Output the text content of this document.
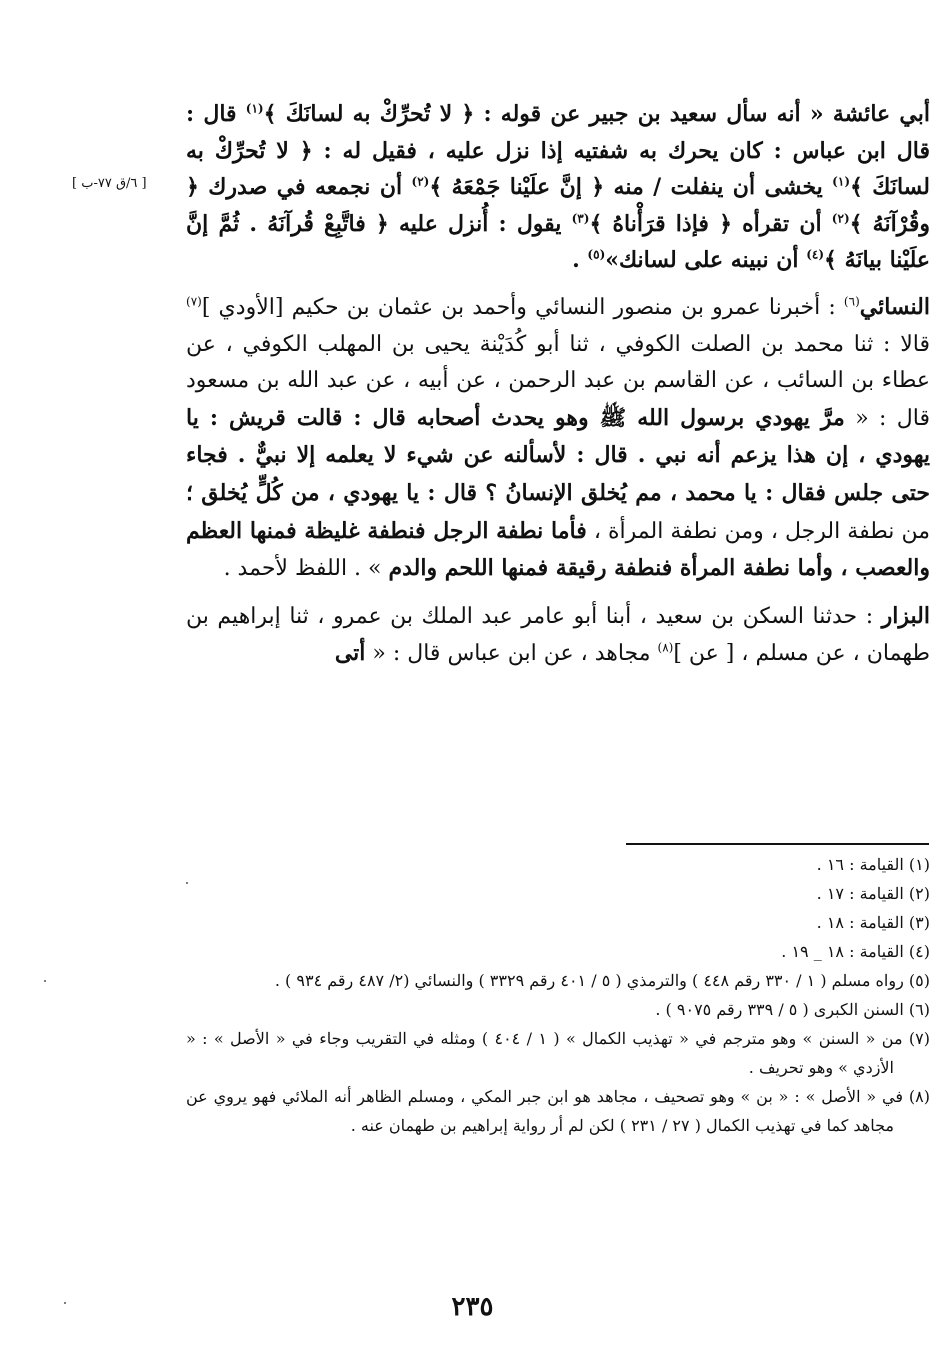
[ ٦/ق ٧٧-ب ]

أبي عائشة « أنه سأل سعيد بن جبير عن قوله : ﴿ لا تُحرِّكْ به لسانَكَ ﴾$^{(١)}$ قال : قال ابن عباس : كان يحرك به شفتيه إذا نزل عليه ، فقيل له : ﴿ لا تُحرِّكْ به لسانَكَ ﴾$^{(١)}$ يخشى أن ينفلت / منه ﴿ إنَّ علَيْنا جَمْعَهُ ﴾$^{(٢)}$ أن نجمعه في صدرك ﴿ وقُرْآنَهُ ﴾$^{(٢)}$ أن تقرأه ﴿ فإذا قرَأْناهُ ﴾$^{(٣)}$ يقول : أُنزل عليه ﴿ فاتَّبِعْ قُرآنَهُ . ثُمَّ إنَّ علَيْنا بيانَهُ ﴾$^{(٤)}$ أن نبينه على لسانك»$^{(٥)}$ .

النسائي$^{(٦)}$ : أخبرنا عمرو بن منصور النسائي وأحمد بن عثمان بن حكيم [الأودي ]$^{(٧)}$ قالا : ثنا محمد بن الصلت الكوفي ، ثنا أبو كُدَيْنة يحيى بن المهلب الكوفي ، عن عطاء بن السائب ، عن القاسم بن عبد الرحمن ، عن أبيه ، عن عبد الله بن مسعود قال : « مرَّ يهودي برسول الله ﷺ وهو يحدث أصحابه قال : قالت قريش : يا يهودي ، إن هذا يزعم أنه نبي . قال : لأسألنه عن شيء لا يعلمه إلا نبيٌّ . فجاء حتى جلس فقال : يا محمد ، مم يُخلق الإنسانُ ؟ قال : يا يهودي ، من كُلٍّ يُخلق ؛ من نطفة الرجل ، ومن نطفة المرأة ، فأما نطفة الرجل فنطفة غليظة فمنها العظم والعصب ، وأما نطفة المرأة فنطفة رقيقة فمنها اللحم والدم » . اللفظ لأحمد .

البزار : حدثنا السكن بن سعيد ، أبنا أبو عامر عبد الملك بن عمرو ، ثنا إبراهيم بن طهمان ، عن مسلم ، [ عن ]$^{(٨)}$ مجاهد ، عن ابن عباس قال : « أتى

(١) القيامة : ١٦ .

(٢) القيامة : ١٧ .

(٣) القيامة : ١٨ .

(٤) القيامة : ١٨ _ ١٩ .

(٥) رواه مسلم ( ١ / ٣٣٠ رقم ٤٤٨ ) والترمذي ( ٥ / ٤٠١ رقم ٣٣٢٩ ) والنسائي (٢/ ٤٨٧ رقم ٩٣٤ ) .

(٦) السنن الكبرى ( ٥ / ٣٣٩ رقم ٩٠٧٥ ) .

(٧) من « السنن » وهو مترجم في « تهذيب الكمال » ( ١ / ٤٠٤ ) ومثله في التقريب وجاء في « الأصل » : « الأزدي » وهو تحريف .

(٨) في « الأصل » : « بن » وهو تصحيف ، مجاهد هو ابن جبر المكي ، ومسلم الظاهر أنه الملائي فهو يروي عن مجاهد كما في تهذيب الكمال ( ٢٧ / ٢٣١ ) لكن لم أر رواية إبراهيم بن طهمان عنه .

٢٣٥
